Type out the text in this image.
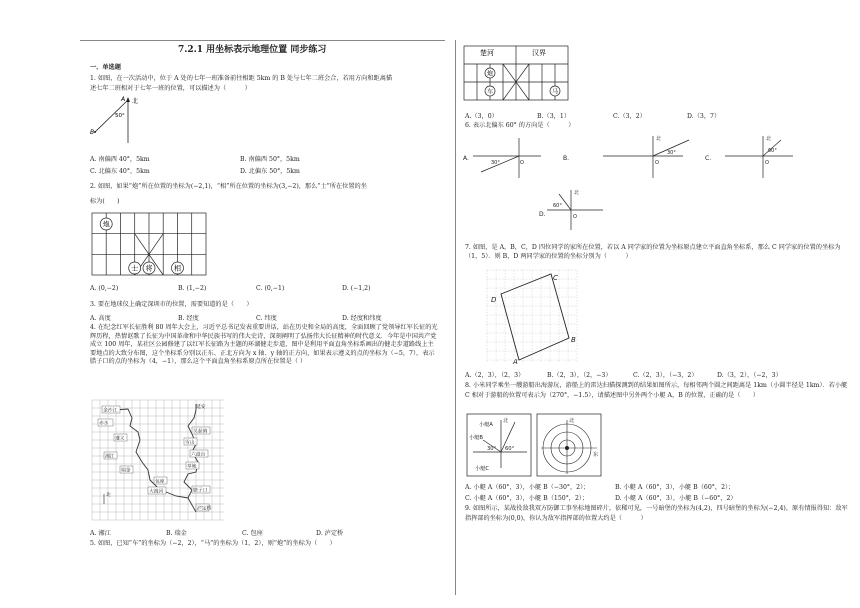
7.2.1 用坐标表示地理位置 同步练习
一、单选题
1. 如图，在一次活动中，位于 A 处的七年一班准备前往相距 5km 的 B 处与七年二班会合，若用方向和距离描
述七年二班相对于七年一班的位置，可以描述为（　　　）
北
A
B
50°
A. 南偏西 40°，5km	B. 南偏西 50°，5km
C. 北偏东 40°，5km	D. 北偏东 50°，5km
2. 如图，如果“炮”所在位置的坐标为(−2,1)，“相”所在位置的坐标为(3,−2)，那么“士”所在位置的坐
标为(　　)
炮
士 将	相
A. (0,−2)	B. (1,−2)	C. (0,−1)	D. (−1,2)
3. 要在地球仪上确定深圳市的位置，需要知道的是（　　）
A. 高度	B. 经度	C. 纬度	D. 经度和纬度
4. 在纪念红军长征胜利 80 周年大会上，习近平总书记发表重要讲话，站在历史和全局的高度，全面回顾了党领导红军长征的光辉历程，热情讴歌了长征为中国革命和中华民族书写的伟大史诗，深刻阐明了弘扬伟大长征精神的时代意义．今年是中国共产党成立 100 周年，某社区公园修建了以红军长征路为主题的环湖健走步道，图中是利用平面直角坐标系画出的健走步道路线上主要地点的大致分布图，这个坐标系分别以正东、正北方向为 x 轴、y 轴的正方向，如果表示遵义的点的坐标为（−5，7），表示腊子口的点的坐标为（4，−1），那么这个平面直角坐标系原点所在位置是（ ）
金沙江
赤水
遵义
湘江
瑞金
包座
大渡河
泸定桥
吴起镇
腊子口
六盘山
雪山
草地
延安
北
A. 湘江	B. 瑞金	C. 包座	D. 泸定桥
5. 如图，已知“车”的坐标为（−2，2），“马”的坐标为（1，2），则“炮”的坐标为（　　）
楚河	汉界
炮
车	马
A.（3，0）	B.（3，1）	C.（3，2）	D.（3，7）
6. 表示北偏东 60° 的方向是（　　　）
A.	B.	C.
D.
O
30°	O
北
30°
O
北
60°
O
北
60°
7. 如图，是 A，B，C，D 四位同学的家所在位置，若以 A 同学家的位置为坐标原点建立平面直角坐标系，那么 C 同学家的位置的坐标为（1，5）．则 B，D 两同学家的位置的坐标分别为（　　　）
A
B
C
D
A.（2，3），（2，3）	B.（2，3），（2，−3）	C.（2，3），（−3，2）	D.（3，2），（−2，3）
8. 小米同学乘坐一艘游船出海游玩，游船上的雷达扫描探测到的结果如图所示，每相邻两个圆之间距离是 1km（小圆半径是 1km）．若小艇 C 相对于游船的位置可表示为（270°，−1.5），请描述图中另外两个小艇 A，B 的位置，正确的是（　　）
小艇A
小艇B
小艇C
30° 60°
北	北
东
A. 小艇 A（60°，3），小艇 B（−30°，2）；	B. 小艇 A（60°，3），小艇 B（60°，2）；
C. 小艇 A（60°，3），小艇 B（150°，2）；	D. 小艇 A（60°，3），小艇 B（−60°，2）
9. 如图所示，某战役敌我双方防御工事坐标地图碎片，依稀可见，一号暗堡的坐标为(4,2)，四号暗堡的坐标为(−2,4)，原有情报得知：敌军指挥部的坐标为(0,0)，你认为敌军指挥部的位置大约是（　　　）
